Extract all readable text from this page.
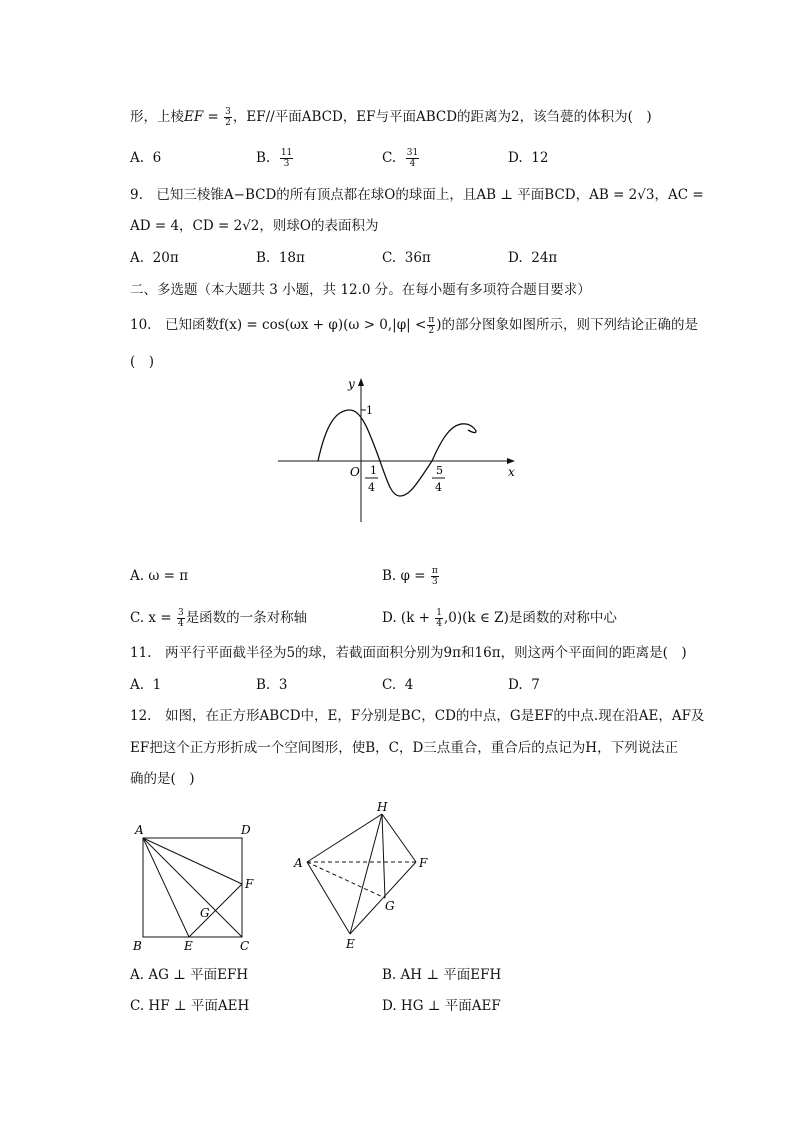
形，上棱EF = $\frac{3}{2}$ ，EF//平面ABCD，EF与平面ABCD的距离为2，该刍甍的体积为(　)
A. 6	B. $\frac{11}{3}$	C. $\frac{31}{4}$	D. 12
9.　已知三棱锥A−BCD的所有顶点都在球O的球面上，且AB ⊥ 平面BCD，AB = 2√3，AC =
AD = 4，CD = 2√2，则球O的表面积为
A. 20π	B. 18π	C. 36π	D. 24π
二、多选题（本大题共 3 小题，共 12.0 分。在每小题有多项符合题目要求）
10.　已知函数$f(x) = \cos(\omega x + \varphi)(\omega > 0,|\varphi| < \frac{\pi}{2}$ )的部分图象如图所示，则下列结论正确的是
(　)
y
1
O	x
1
4
5
4
A. ω = π	B. $\varphi = \frac{\pi}{3}$
C. $x = \frac{3}{4}$ 是函数的一条对称轴	D. $(k + \frac{1}{4} ,0)(k$ ∈ Z)是函数的对称中心
11.　两平行平面截半径为5的球，若截面面积分别为9π和16π，则这两个平面间的距离是(　)
A. 1	B. 3	C. 4	D. 7
12.　如图，在正方形ABCD中，E，F分别是BC，CD的中点，G是EF的中点.现在沿AE，AF及
EF把这个正方形折成一个空间图形，使B，C，D三点重合，重合后的点记为H，下列说法正
确的是(　)
A	D
F
G
B	E	C
H
A	F
G
E
A. AG ⊥ 平面EFH	B. AH ⊥ 平面EFH
C. HF ⊥ 平面AEH	D. HG ⊥ 平面AEF
